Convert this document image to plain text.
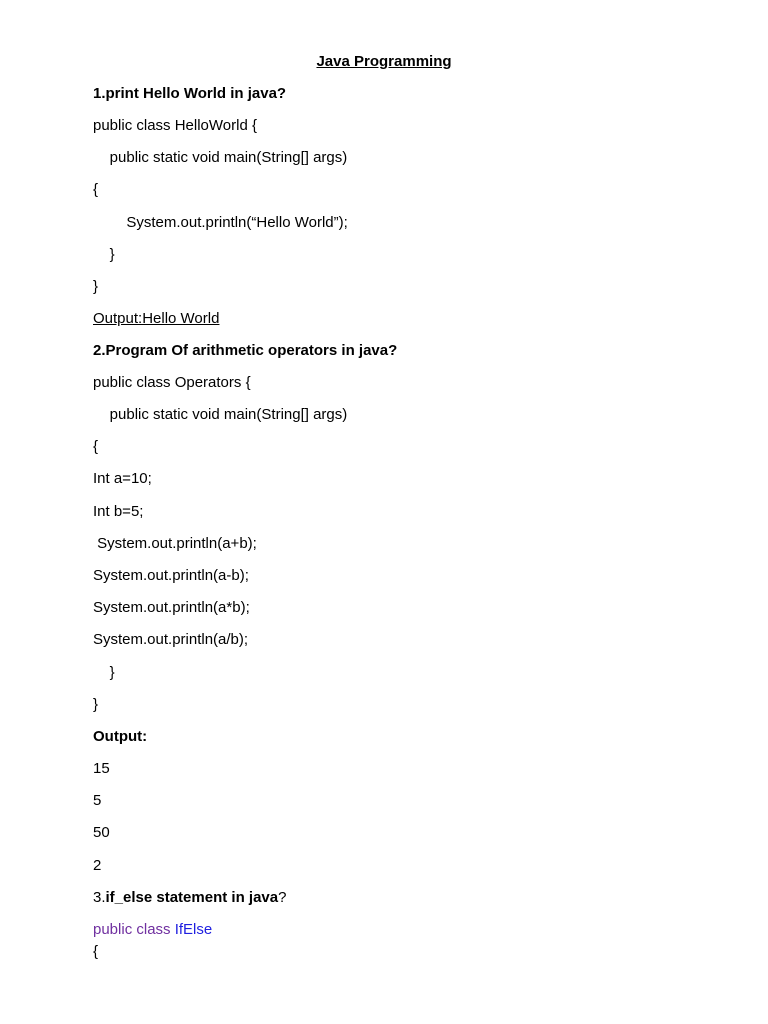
Java Programming
1.print Hello World in java?
public class HelloWorld {
public static void main(String[] args)
{
System.out.println(“Hello World”);
}
}
Output:Hello World
2.Program Of arithmetic operators in java?
public class Operators {
public static void main(String[] args)
{
Int a=10;
Int b=5;
System.out.println(a+b);
System.out.println(a-b);
System.out.println(a*b);
System.out.println(a/b);
}
}
Output:
15
5
50
2
3.if_else statement in java?
public class IfElse
{
